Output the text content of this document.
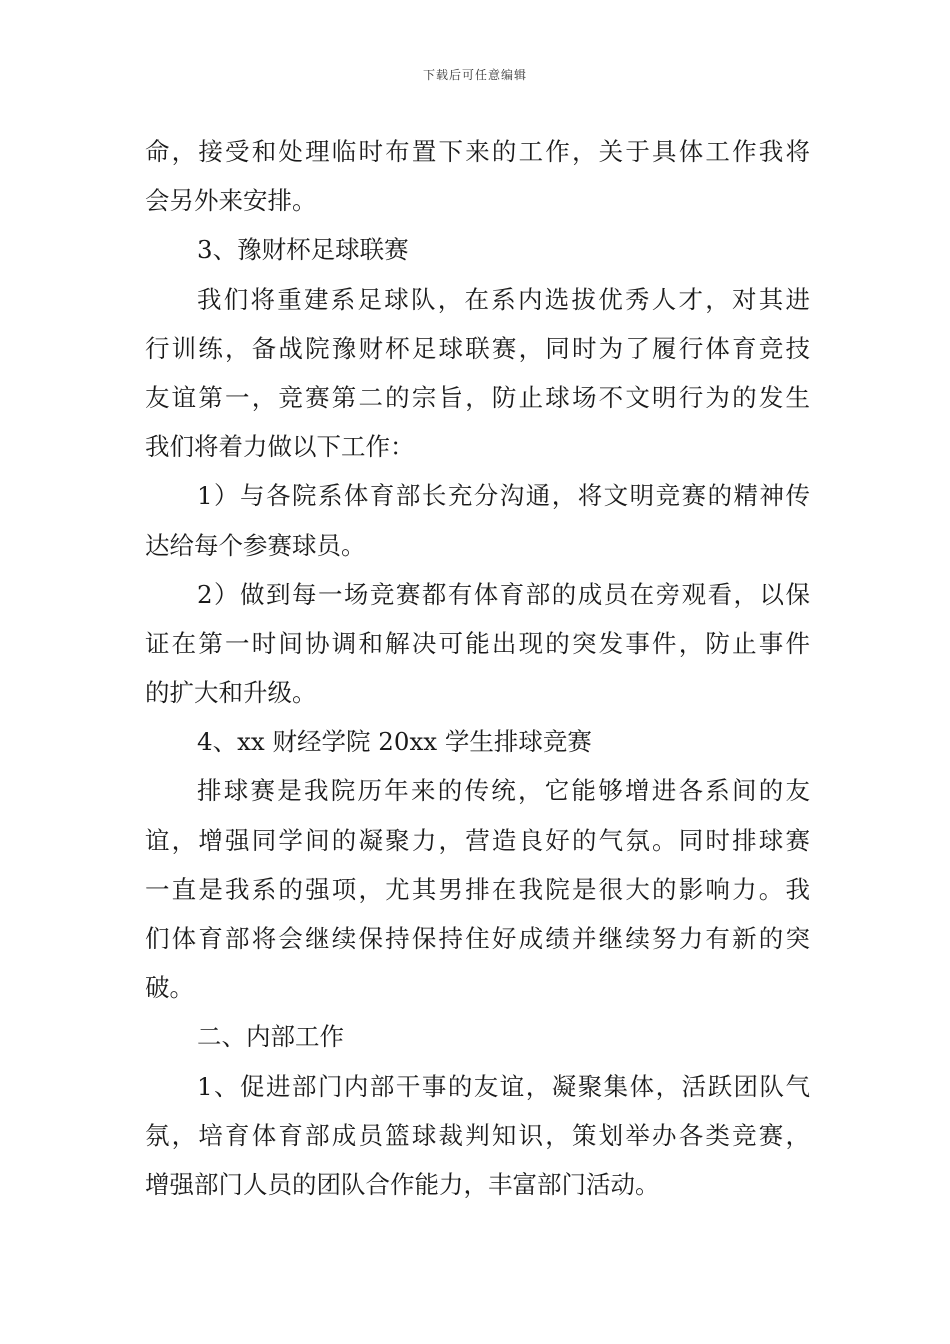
下载后可任意编辑
命，接受和处理临时布置下来的工作，关于具体工作我将
会另外来安排。
3、豫财杯足球联赛
我们将重建系足球队，在系内选拔优秀人才，对其进
行训练，备战院豫财杯足球联赛，同时为了履行体育竞技
友谊第一，竞赛第二的宗旨，防止球场不文明行为的发生
我们将着力做以下工作：
1）与各院系体育部长充分沟通，将文明竞赛的精神传
达给每个参赛球员。
2）做到每一场竞赛都有体育部的成员在旁观看，以保
证在第一时间协调和解决可能出现的突发事件，防止事件
的扩大和升级。
4、xx 财经学院 20xx 学生排球竞赛
排球赛是我院历年来的传统，它能够增进各系间的友
谊，增强同学间的凝聚力，营造良好的气氛。同时排球赛
一直是我系的强项，尤其男排在我院是很大的影响力。我
们体育部将会继续保持保持住好成绩并继续努力有新的突
破。
二、内部工作
1、促进部门内部干事的友谊，凝聚集体，活跃团队气
氛，培育体育部成员篮球裁判知识，策划举办各类竞赛，
增强部门人员的团队合作能力，丰富部门活动。
